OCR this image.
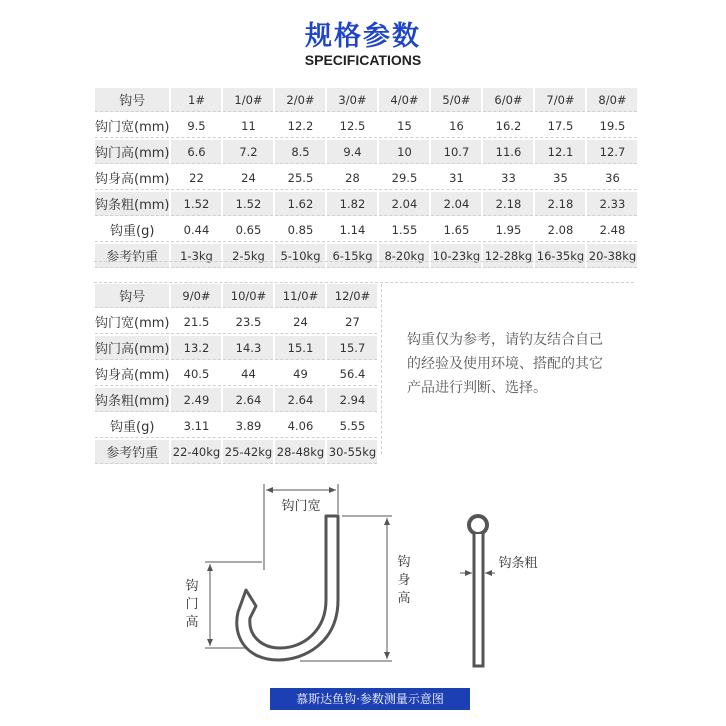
规格参数
SPECIFICATIONS
钩号	1#	1/0#	2/0#	3/0#	4/0#	5/0#	6/0#	7/0#	8/0#
钩门宽(mm)	9.5	11	12.2	12.5	15	16	16.2	17.5	19.5
钩门高(mm)	6.6	7.2	8.5	9.4	10	10.7	11.6	12.1	12.7
钩身高(mm)	22	24	25.5	28	29.5	31	33	35	36
钩条粗(mm)	1.52	1.52	1.62	1.82	2.04	2.04	2.18	2.18	2.33
钩重(g)	0.44	0.65	0.85	1.14	1.55	1.65	1.95	2.08	2.48
参考钓重	1-3kg	2-5kg	5-10kg	6-15kg	8-20kg	10-23kg	12-28kg	16-35kg	20-38kg
钩号	9/0#	10/0#	11/0#	12/0#
钩门宽(mm)	21.5	23.5	24	27
钩门高(mm)	13.2	14.3	15.1	15.7
钩身高(mm)	40.5	44	49	56.4
钩条粗(mm)	2.49	2.64	2.64	2.94
钩重(g)	3.11	3.89	4.06	5.55
参考钓重	22-40kg	25-42kg	28-48kg	30-55kg
钩重仅为参考，请钓友结合自己
的经验及使用环境、搭配的其它
产品进行判断、选择。
钩门宽
钩
身
高
钩
门
高
钩条粗
慕斯达鱼钩·参数测量示意图
